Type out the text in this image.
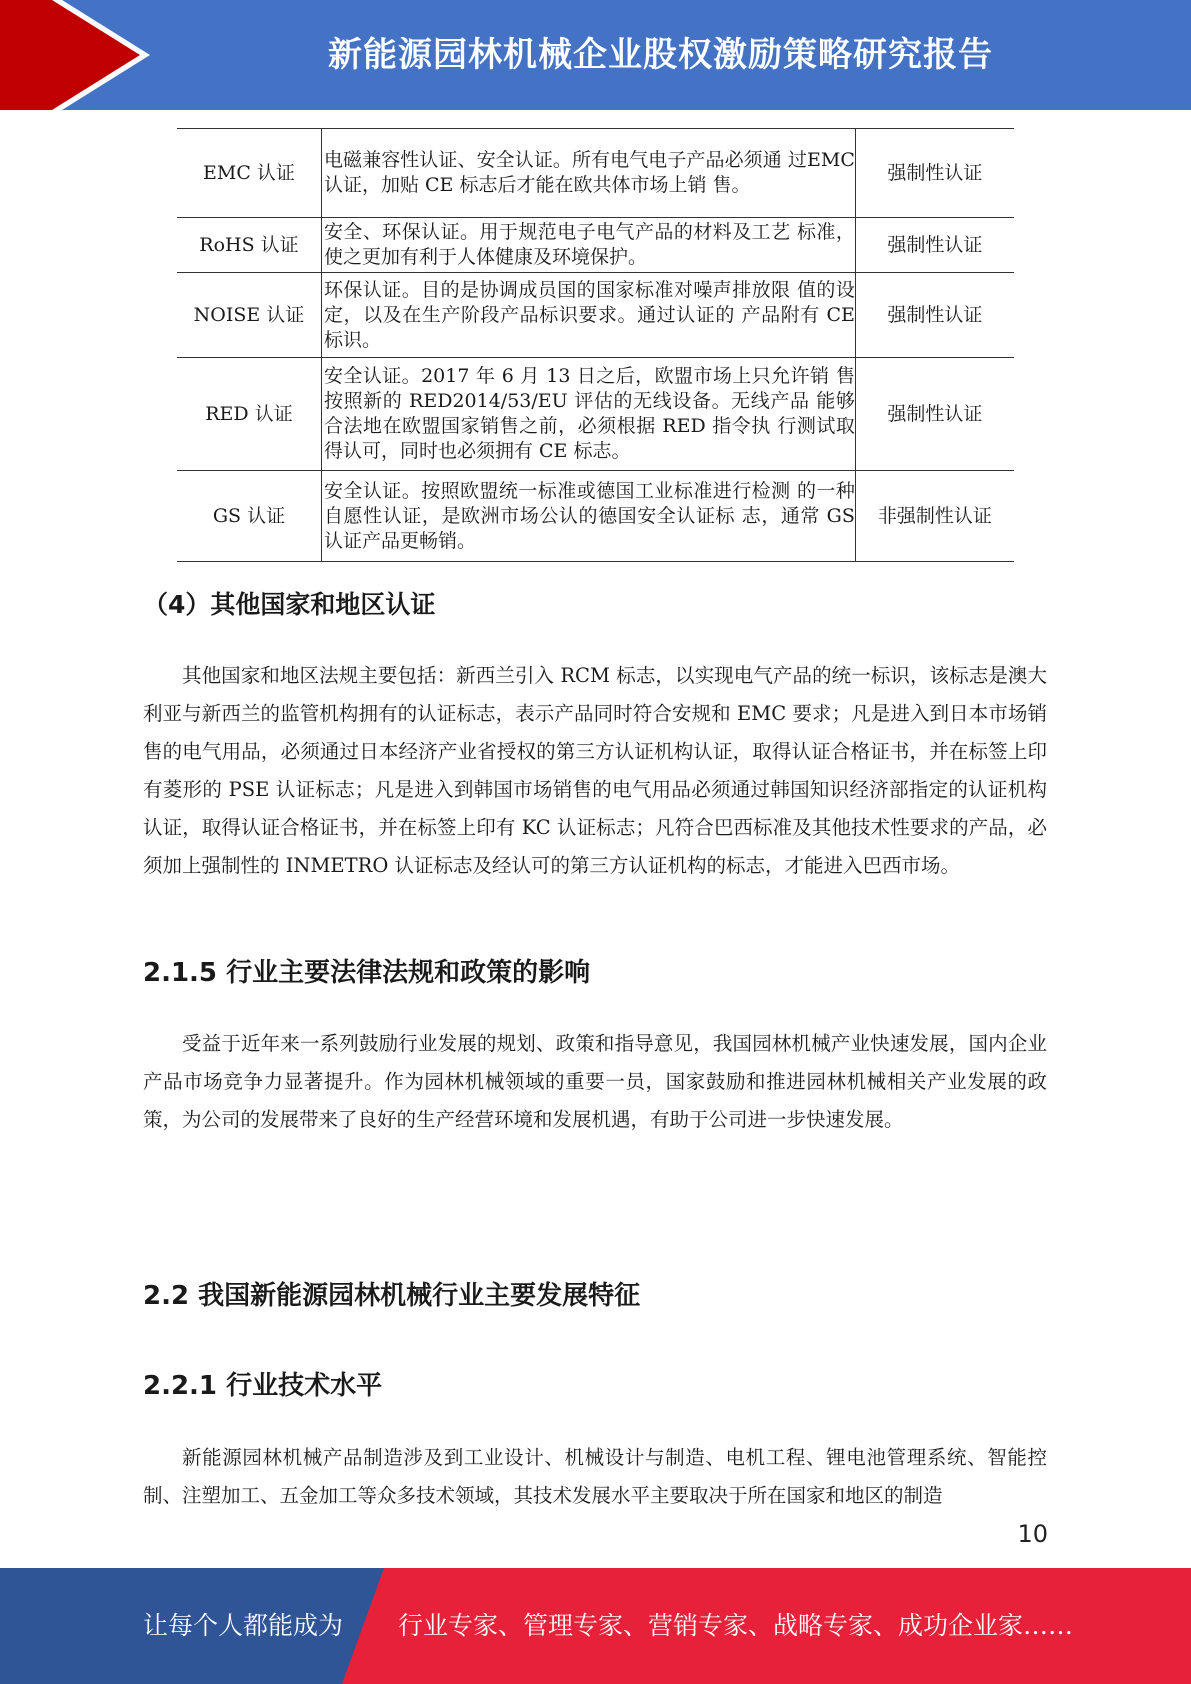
新能源园林机械企业股权激励策略研究报告
EMC 认证	电磁兼容性认证、安全认证。所有电气电子产品必须通 过EMC认证，加贴 CE 标志后才能在欧共体市场上销 售。	强制性认证
RoHS 认证	安全、环保认证。用于规范电子电气产品的材料及工艺 标准，使之更加有利于人体健康及环境保护。	强制性认证
NOISE 认证	环保认证。目的是协调成员国的国家标准对噪声排放限 值的设定，以及在生产阶段产品标识要求。通过认证的 产品附有 CE 标识。	强制性认证
RED 认证	安全认证。2017 年 6 月 13 日之后，欧盟市场上只允许销 售按照新的 RED2014/53/EU 评估的无线设备。无线产品 能够合法地在欧盟国家销售之前，必须根据 RED 指令执 行测试取得认可，同时也必须拥有 CE 标志。	强制性认证
GS 认证	安全认证。按照欧盟统一标准或德国工业标准进行检测 的一种自愿性认证，是欧洲市场公认的德国安全认证标 志，通常 GS 认证产品更畅销。	非强制性认证
（4）其他国家和地区认证

其他国家和地区法规主要包括：新西兰引入 RCM 标志，以实现电气产品的统一标识，该标志是澳大利亚与新西兰的监管机构拥有的认证标志，表示产品同时符合安规和 EMC 要求；凡是进入到日本市场销售的电气用品，必须通过日本经济产业省授权的第三方认证机构认证，取得认证合格证书，并在标签上印有菱形的 PSE 认证标志；凡是进入到韩国市场销售的电气用品必须通过韩国知识经济部指定的认证机构认证，取得认证合格证书，并在标签上印有 KC 认证标志；凡符合巴西标准及其他技术性要求的产品，必须加上强制性的 INMETRO 认证标志及经认可的第三方认证机构的标志，才能进入巴西市场。

2.1.5 行业主要法律法规和政策的影响

受益于近年来一系列鼓励行业发展的规划、政策和指导意见，我国园林机械产业快速发展，国内企业产品市场竞争力显著提升。作为园林机械领域的重要一员，国家鼓励和推进园林机械相关产业发展的政策，为公司的发展带来了良好的生产经营环境和发展机遇，有助于公司进一步快速发展。

2.2 我国新能源园林机械行业主要发展特征
2.2.1 行业技术水平

新能源园林机械产品制造涉及到工业设计、机械设计与制造、电机工程、锂电池管理系统、智能控制、注塑加工、五金加工等众多技术领域，其技术发展水平主要取决于所在国家和地区的制造

10
让每个人都能成为 行业专家、管理专家、营销专家、战略专家、成功企业家……
